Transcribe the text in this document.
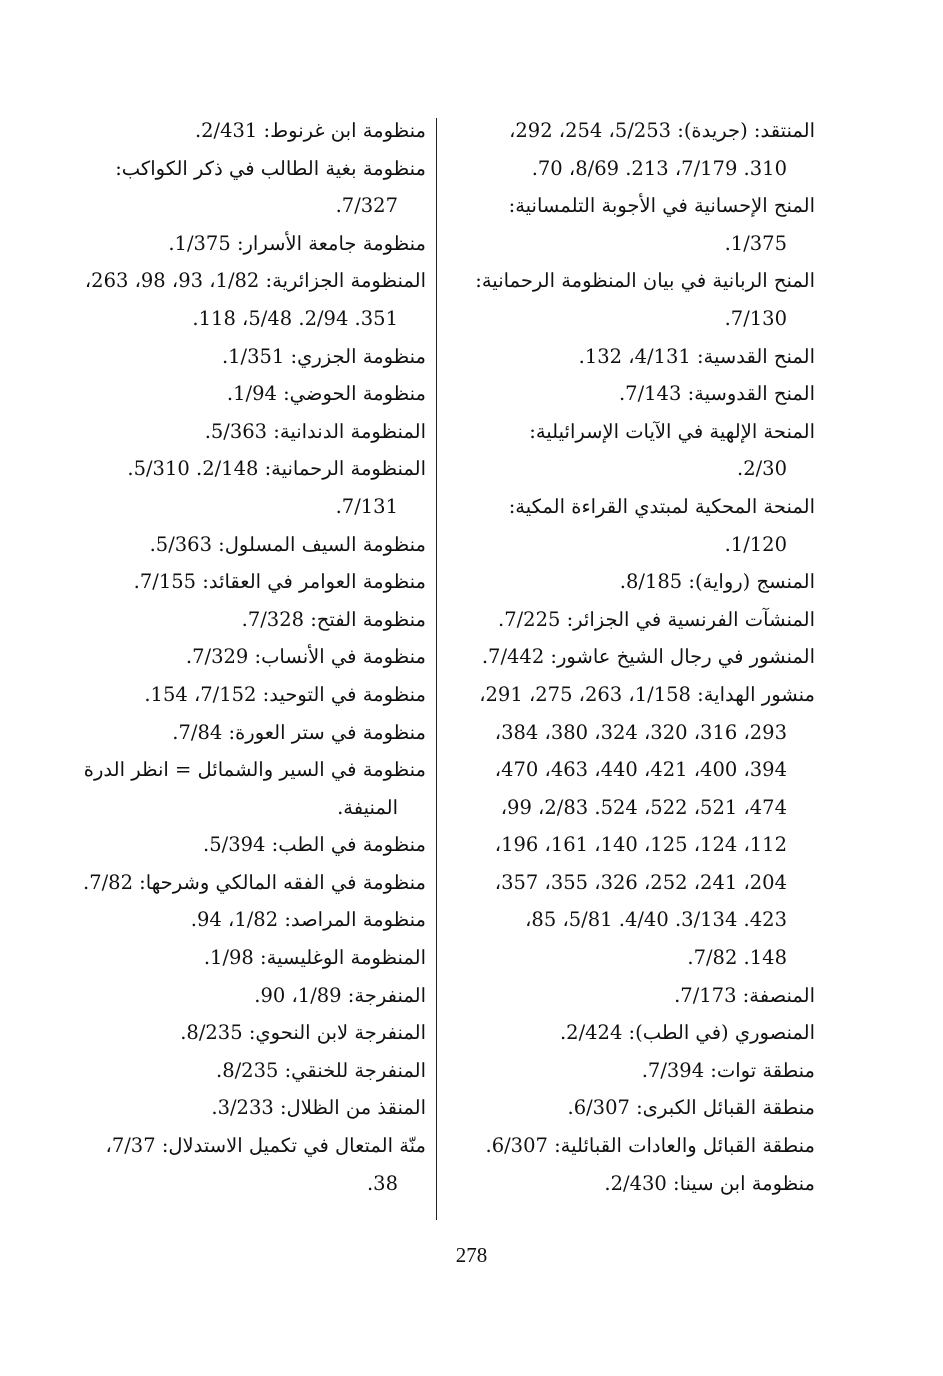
المنتقد: (جريدة): 5/253، 254، 292،
310. 7/179، 213. 8/69، 70.
المنح الإحسانية في الأجوبة التلمسانية:
1/375.
المنح الربانية في بيان المنظومة الرحمانية:
7/130.
المنح القدسية: 4/131، 132.
المنح القدوسية: 7/143.
المنحة الإلهية في الآيات الإسرائيلية:
2/30.
المنحة المحكية لمبتدي القراءة المكية:
1/120.
المنسج (رواية): 8/185.
المنشآت الفرنسية في الجزائر: 7/225.
المنشور في رجال الشيخ عاشور: 7/442.
منشور الهداية: 1/158، 263، 275، 291،
293، 316، 320، 324، 380، 384،
394، 400، 421، 440، 463، 470،
474، 521، 522، 524. 2/83، 99،
112، 124، 125، 140، 161، 196،
204، 241، 252، 326، 355، 357،
423. 3/134. 4/40. 5/81، 85،
148. 7/82.
المنصفة: 7/173.
المنصوري (في الطب): 2/424.
منطقة توات: 7/394.
منطقة القبائل الكبرى: 6/307.
منطقة القبائل والعادات القبائلية: 6/307.
منظومة ابن سينا: 2/430.
منظومة ابن غرنوط: 2/431.
منظومة بغية الطالب في ذكر الكواكب:
7/327.
منظومة جامعة الأسرار: 1/375.
المنظومة الجزائرية: 1/82، 93، 98، 263،
351. 2/94. 5/48، 118.
منظومة الجزري: 1/351.
منظومة الحوضي: 1/94.
المنظومة الدندانية: 5/363.
المنظومة الرحمانية: 2/148. 5/310.
7/131.
منظومة السيف المسلول: 5/363.
منظومة العوامر في العقائد: 7/155.
منظومة الفتح: 7/328.
منظومة في الأنساب: 7/329.
منظومة في التوحيد: 7/152، 154.
منظومة في ستر العورة: 7/84.
منظومة في السير والشمائل = انظر الدرة
المنيفة.
منظومة في الطب: 5/394.
منظومة في الفقه المالكي وشرحها: 7/82.
منظومة المراصد: 1/82، 94.
المنظومة الوغليسية: 1/98.
المنفرجة: 1/89، 90.
المنفرجة لابن النحوي: 8/235.
المنفرجة للخنقي: 8/235.
المنقذ من الظلال: 3/233.
منّة المتعال في تكميل الاستدلال: 7/37،
38.
278
